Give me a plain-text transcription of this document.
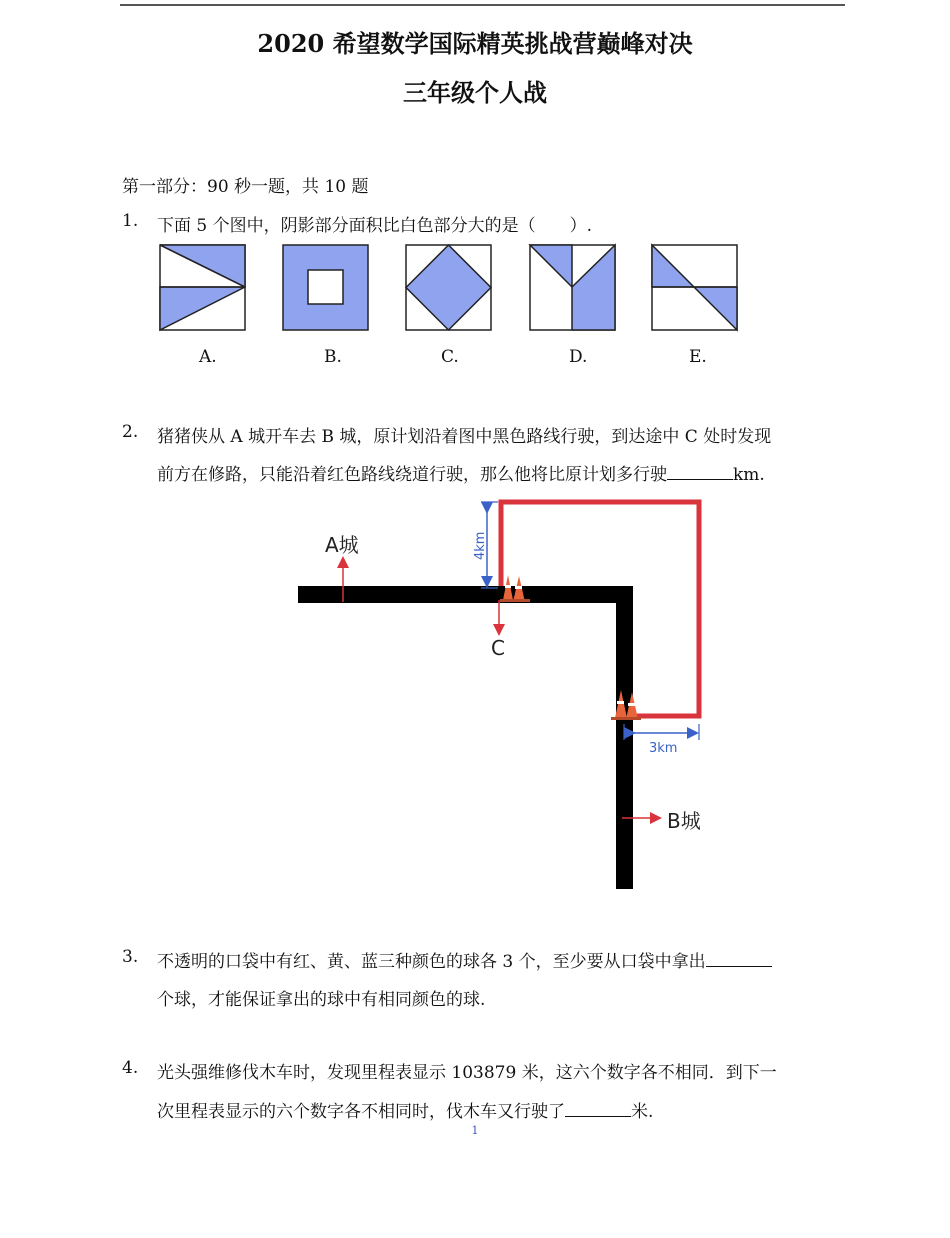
2020 希望数学国际精英挑战营巅峰对决
三年级个人战
第一部分：90 秒一题，共 10 题
1. 下面 5 个图中，阴影部分面积比白色部分大的是（　　）.
A.	B.	C.	D.	E.
2. 猪猪侠从 A 城开车去 B 城，原计划沿着图中黑色路线行驶，到达途中 C 处时发现
前方在修路，只能沿着红色路线绕道行驶，那么他将比原计划多行驶	km.
A城
C
B城
4km
3km
3. 不透明的口袋中有红、黄、蓝三种颜色的球各 3 个，至少要从口袋中拿出
个球，才能保证拿出的球中有相同颜色的球.
4. 光头强维修伐木车时，发现里程表显示 103879 米，这六个数字各不相同．到下一
次里程表显示的六个数字各不相同时，伐木车又行驶了	米.
1
